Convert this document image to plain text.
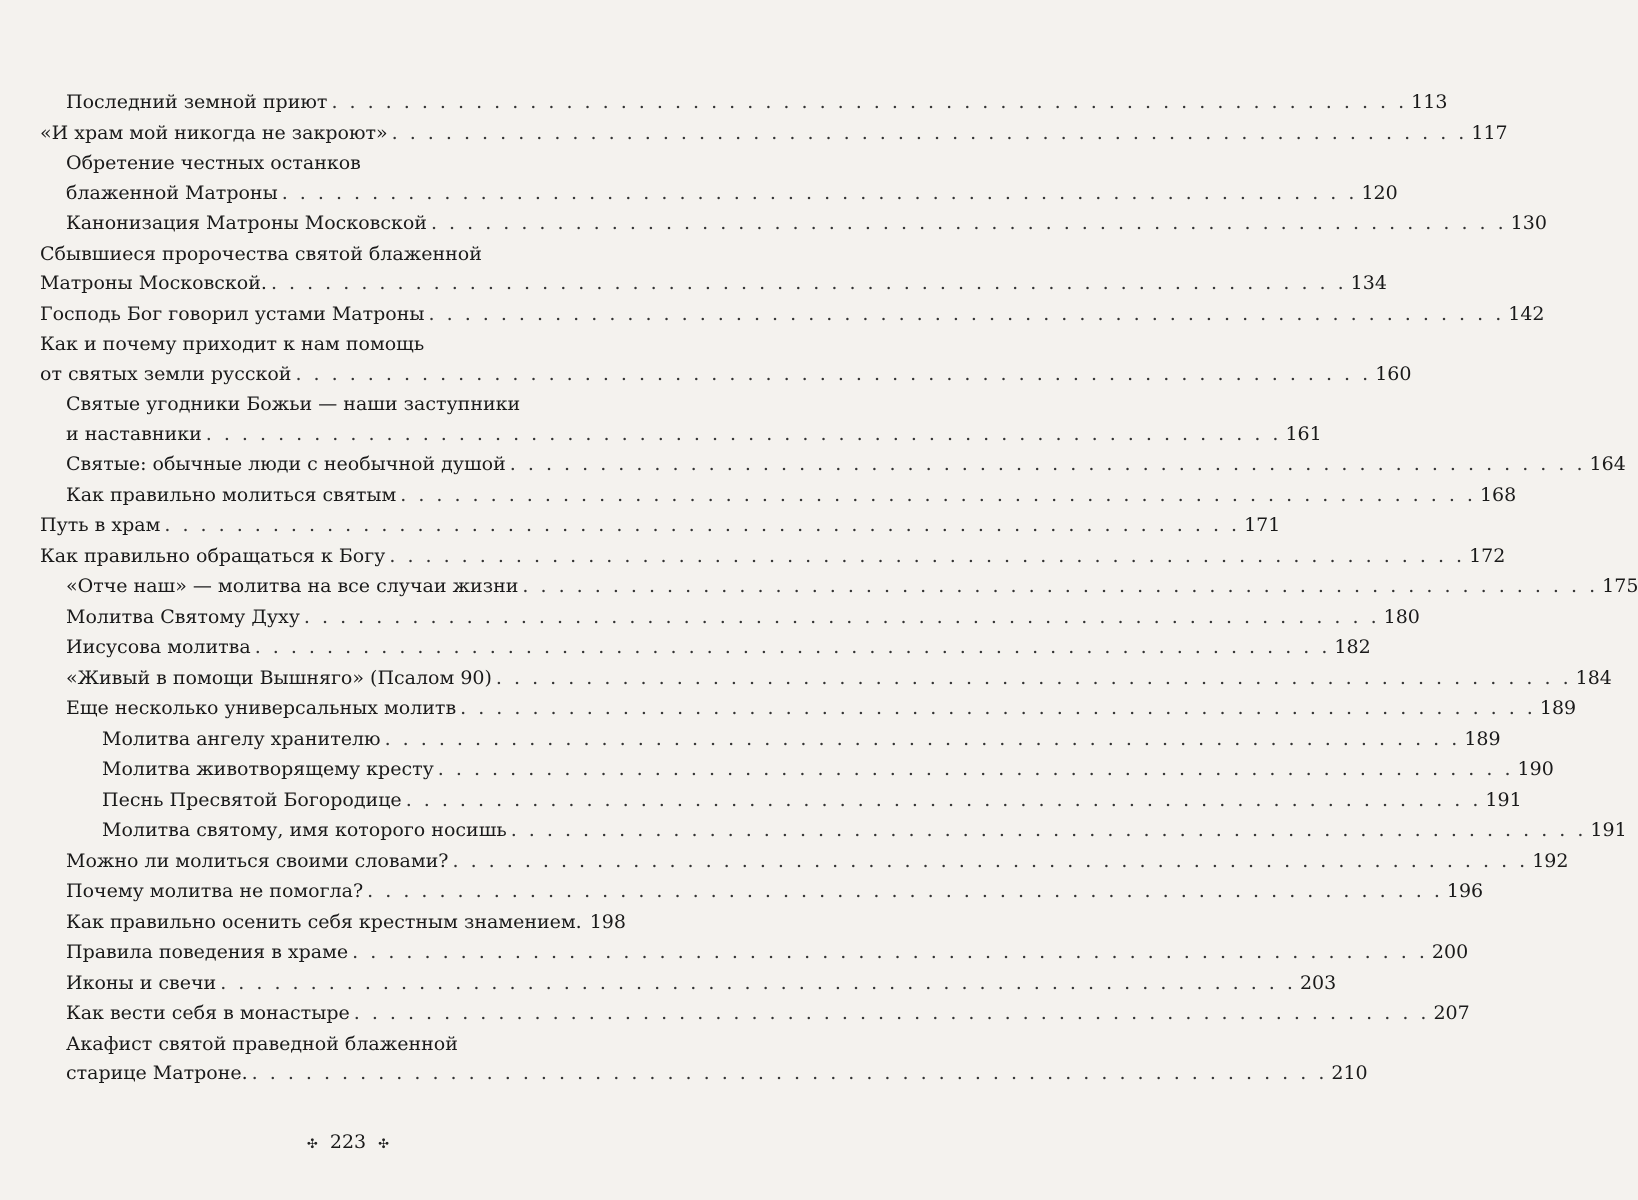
Последний земной приют . . . . . . . . . . . . . . . . . . . . . . . . . . . . . . . . . . . . . . . . . . . . . . . . . . . . . . . . . . . . 113
«И храм мой никогда не закроют» . . . . . . . . . . . . . . . . . . . . . . . . . . . . . . . . . . . . . . . . . . . . . . . . . . . . . . . . . . . . 117
Обретение честных останков
блаженной Матроны . . . . . . . . . . . . . . . . . . . . . . . . . . . . . . . . . . . . . . . . . . . . . . . . . . . . . . . . . . . . 120
Канонизация Матроны Московской . . . . . . . . . . . . . . . . . . . . . . . . . . . . . . . . . . . . . . . . . . . . . . . . . . . . . . . . . . . . 130
Сбывшиеся пророчества святой блаженной
Матроны Московской. . . . . . . . . . . . . . . . . . . . . . . . . . . . . . . . . . . . . . . . . . . . . . . . . . . . . . . . . . . . . 134
Господь Бог говорил устами Матроны . . . . . . . . . . . . . . . . . . . . . . . . . . . . . . . . . . . . . . . . . . . . . . . . . . . . . . . . . . . . 142
Как и почему приходит к нам помощь
от святых земли русской . . . . . . . . . . . . . . . . . . . . . . . . . . . . . . . . . . . . . . . . . . . . . . . . . . . . . . . . . . . . 160
Святые угодники Божьи — наши заступники
и наставники . . . . . . . . . . . . . . . . . . . . . . . . . . . . . . . . . . . . . . . . . . . . . . . . . . . . . . . . . . . . 161
Святые: обычные люди с необычной душой . . . . . . . . . . . . . . . . . . . . . . . . . . . . . . . . . . . . . . . . . . . . . . . . . . . . . . . . . . . . 164
Как правильно молиться святым . . . . . . . . . . . . . . . . . . . . . . . . . . . . . . . . . . . . . . . . . . . . . . . . . . . . . . . . . . . . 168
Путь в храм . . . . . . . . . . . . . . . . . . . . . . . . . . . . . . . . . . . . . . . . . . . . . . . . . . . . . . . . . . . . 171
Как правильно обращаться к Богу . . . . . . . . . . . . . . . . . . . . . . . . . . . . . . . . . . . . . . . . . . . . . . . . . . . . . . . . . . . . 172
«Отче наш» — молитва на все случаи жизни . . . . . . . . . . . . . . . . . . . . . . . . . . . . . . . . . . . . . . . . . . . . . . . . . . . . . . . . . . . . 175
Молитва Святому Духу . . . . . . . . . . . . . . . . . . . . . . . . . . . . . . . . . . . . . . . . . . . . . . . . . . . . . . . . . . . . 180
Иисусова молитва . . . . . . . . . . . . . . . . . . . . . . . . . . . . . . . . . . . . . . . . . . . . . . . . . . . . . . . . . . . . 182
«Живый в помощи Вышняго» (Псалом 90) . . . . . . . . . . . . . . . . . . . . . . . . . . . . . . . . . . . . . . . . . . . . . . . . . . . . . . . . . . . . 184
Еще несколько универсальных молитв . . . . . . . . . . . . . . . . . . . . . . . . . . . . . . . . . . . . . . . . . . . . . . . . . . . . . . . . . . . . 189
Молитва ангелу хранителю . . . . . . . . . . . . . . . . . . . . . . . . . . . . . . . . . . . . . . . . . . . . . . . . . . . . . . . . . . . . 189
Молитва животворящему кресту . . . . . . . . . . . . . . . . . . . . . . . . . . . . . . . . . . . . . . . . . . . . . . . . . . . . . . . . . . . . 190
Песнь Пресвятой Богородице . . . . . . . . . . . . . . . . . . . . . . . . . . . . . . . . . . . . . . . . . . . . . . . . . . . . . . . . . . . . 191
Молитва святому, имя которого носишь . . . . . . . . . . . . . . . . . . . . . . . . . . . . . . . . . . . . . . . . . . . . . . . . . . . . . . . . . . . . 191
Можно ли молиться своими словами? . . . . . . . . . . . . . . . . . . . . . . . . . . . . . . . . . . . . . . . . . . . . . . . . . . . . . . . . . . . . 192
Почему молитва не помогла? . . . . . . . . . . . . . . . . . . . . . . . . . . . . . . . . . . . . . . . . . . . . . . . . . . . . . . . . . . . . 196
Как правильно осенить себя крестным знамением. 198
Правила поведения в храме . . . . . . . . . . . . . . . . . . . . . . . . . . . . . . . . . . . . . . . . . . . . . . . . . . . . . . . . . . . . 200
Иконы и свечи . . . . . . . . . . . . . . . . . . . . . . . . . . . . . . . . . . . . . . . . . . . . . . . . . . . . . . . . . . . . 203
Как вести себя в монастыре . . . . . . . . . . . . . . . . . . . . . . . . . . . . . . . . . . . . . . . . . . . . . . . . . . . . . . . . . . . . 207
Акафист святой праведной блаженной
старице Матроне. . . . . . . . . . . . . . . . . . . . . . . . . . . . . . . . . . . . . . . . . . . . . . . . . . . . . . . . . . . . . 210
✣ 223 ✣
